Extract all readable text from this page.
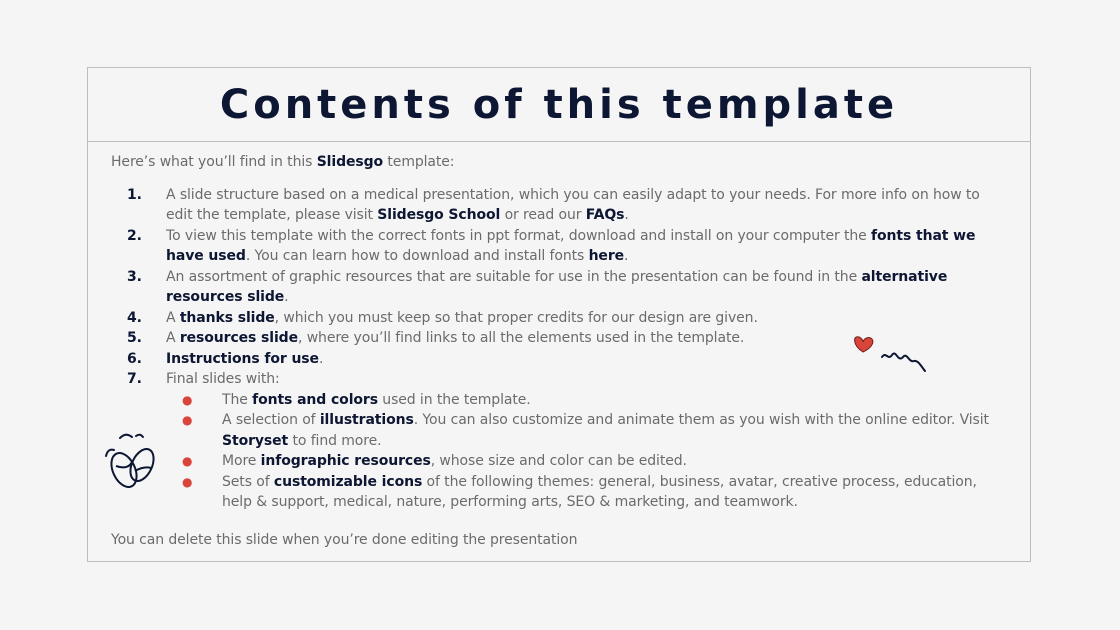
Contents of this template

Here’s what you’ll find in this Slidesgo template:

1.	A slide structure based on a medical presentation, which you can easily adapt to your needs. For more info on how to edit the template, please visit Slidesgo School or read our FAQs.
2.	To view this template with the correct fonts in ppt format, download and install on your computer the fonts that we have used. You can learn how to download and install fonts here.
3.	An assortment of graphic resources that are suitable for use in the presentation can be found in the alternative resources slide.
4.	A thanks slide, which you must keep so that proper credits for our design are given.
5.	A resources slide, where you’ll find links to all the elements used in the template.
6.	Instructions for use.
7.	Final slides with:
●	The fonts and colors used in the template.
●	A selection of illustrations. You can also customize and animate them as you wish with the online editor. Visit Storyset to find more.
●	More infographic resources, whose size and color can be edited.
●	Sets of customizable icons of the following themes: general, business, avatar, creative process, education, help & support, medical, nature, performing arts, SEO & marketing, and teamwork.

You can delete this slide when you’re done editing the presentation
